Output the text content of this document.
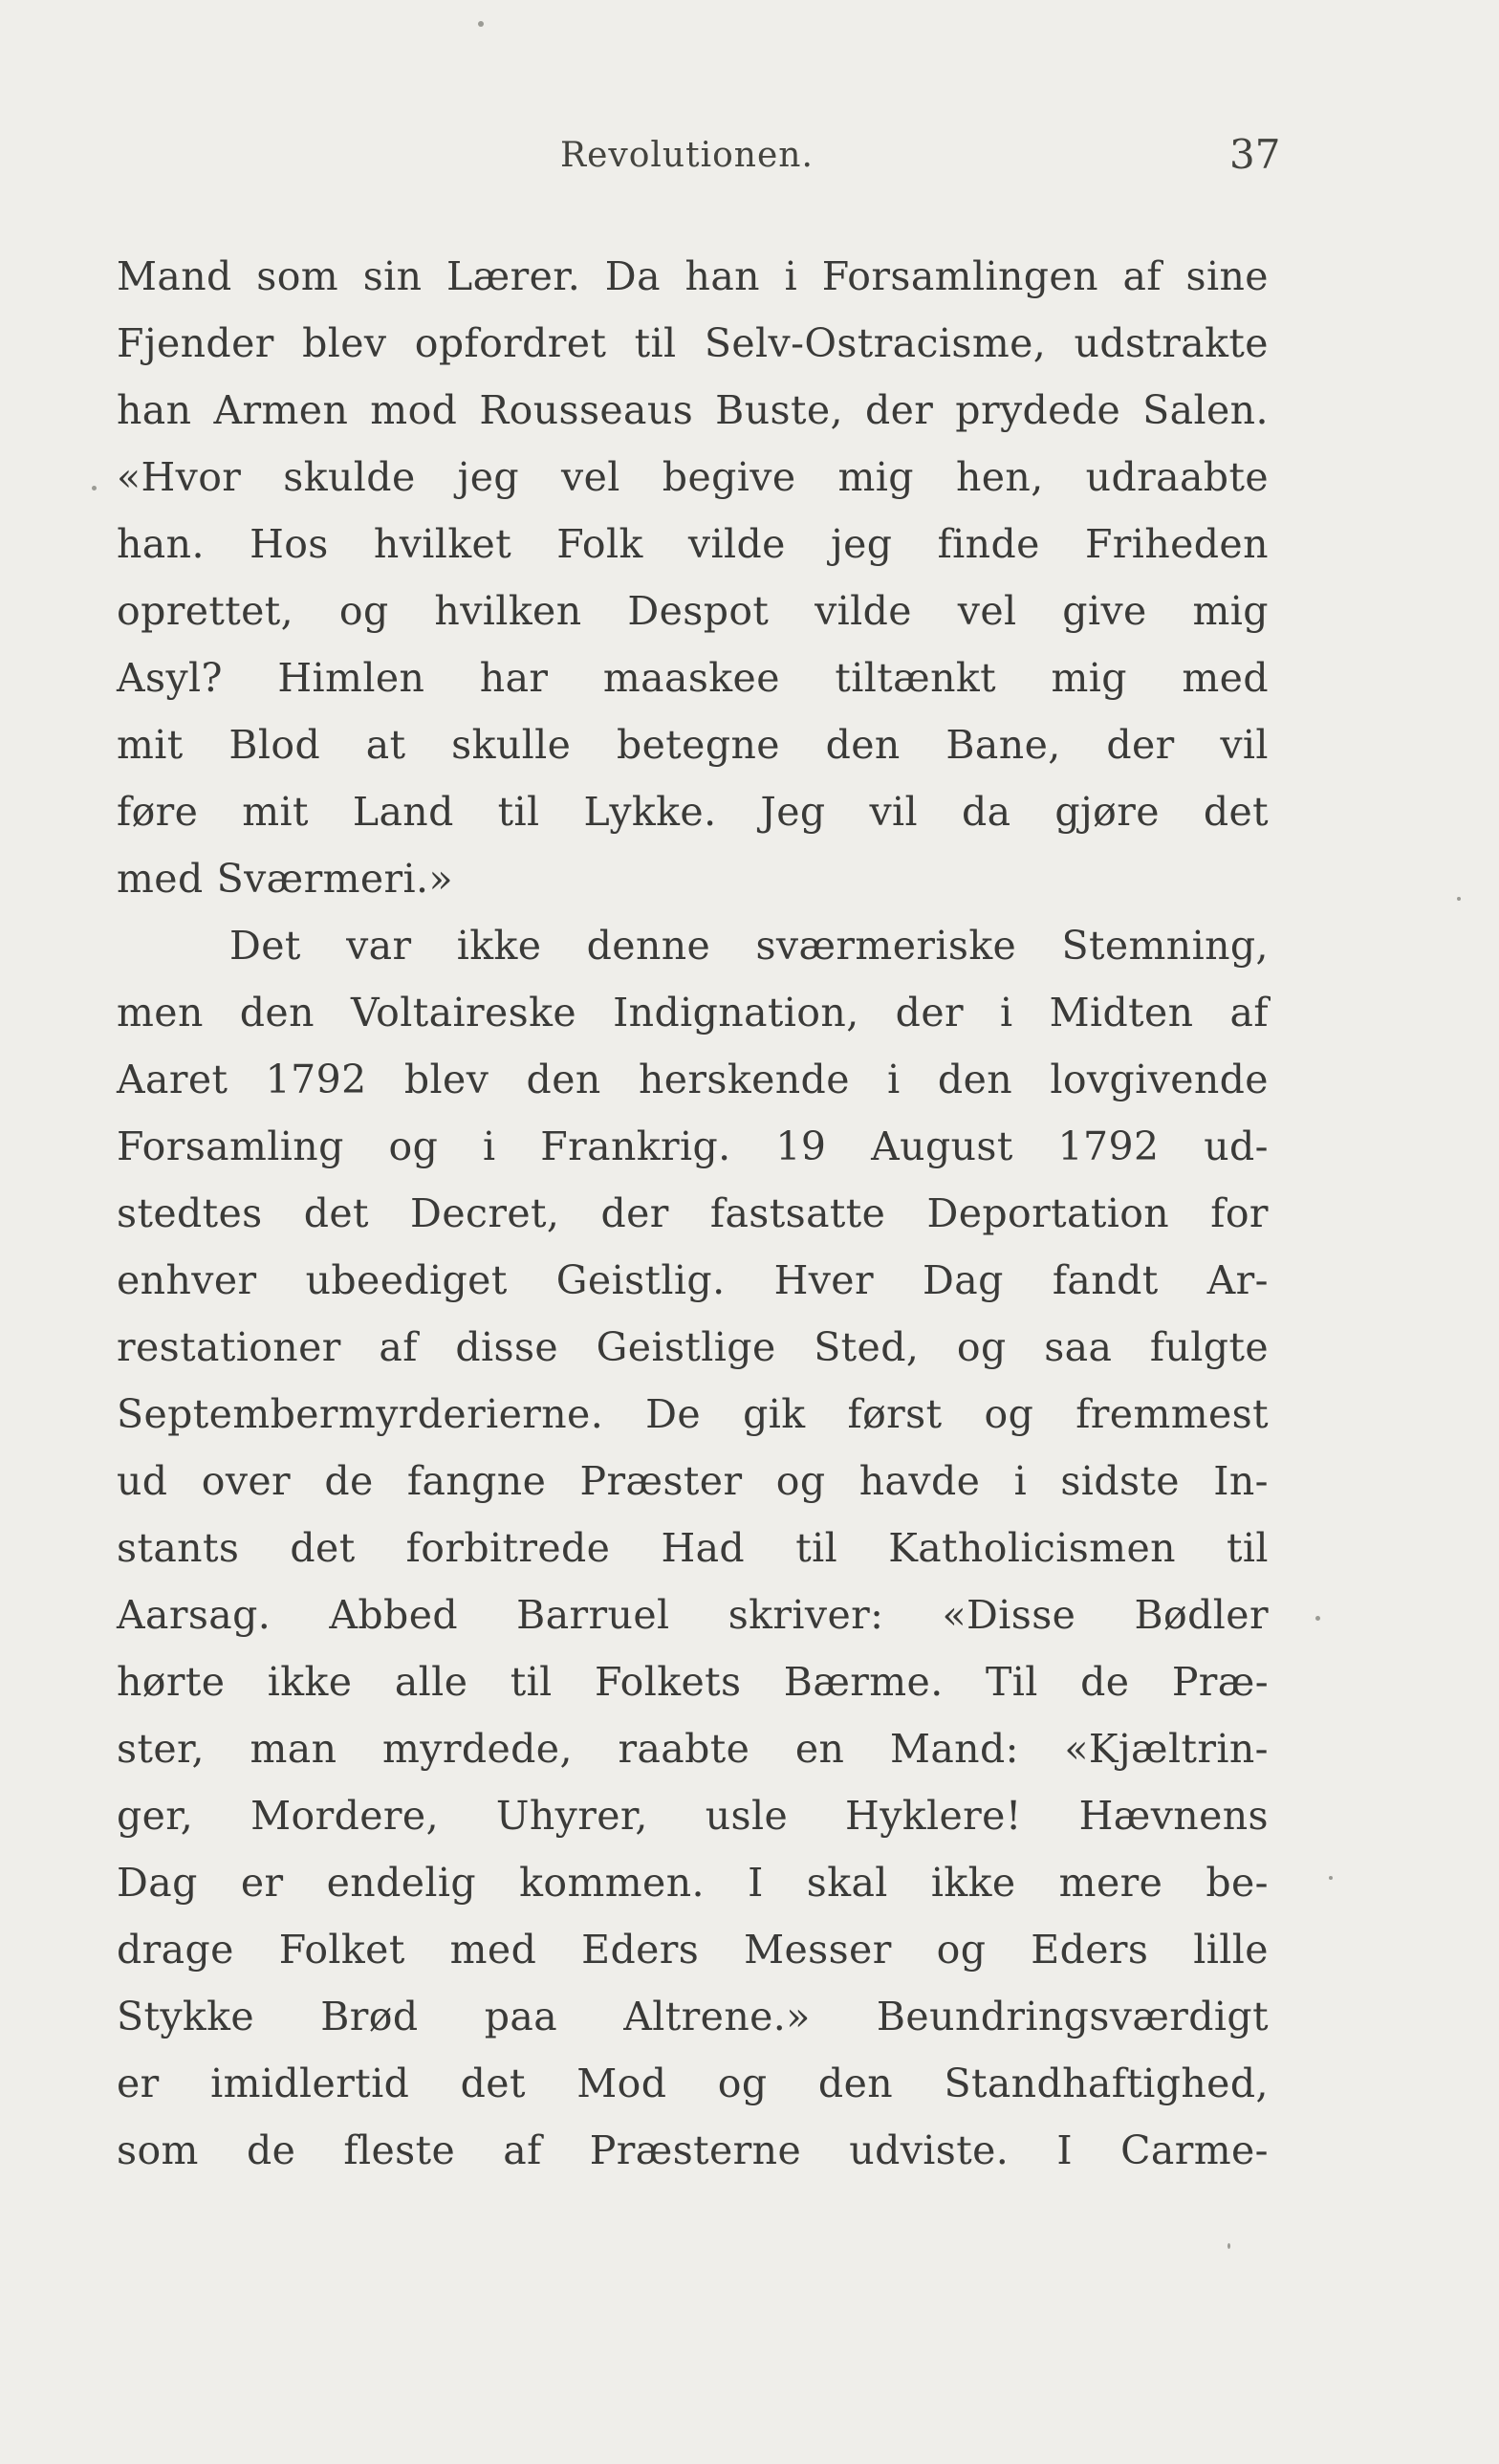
Revolutionen.	37
Mand som sin Lærer. Da han i Forsamlingen af sine
Fjender blev opfordret til Selv-Ostracisme, udstrakte
han Armen mod Rousseaus Buste, der prydede Salen.
«Hvor skulde jeg vel begive mig hen, udraabte
han. Hos hvilket Folk vilde jeg finde Friheden
oprettet, og hvilken Despot vilde vel give mig
Asyl? Himlen har maaskee tiltænkt mig med
mit Blod at skulle betegne den Bane, der vil
føre mit Land til Lykke. Jeg vil da gjøre det
med Sværmeri.»
Det var ikke denne sværmeriske Stemning,
men den Voltaireske Indignation, der i Midten af
Aaret 1792 blev den herskende i den lovgivende
Forsamling og i Frankrig. 19 August 1792 ud-
stedtes det Decret, der fastsatte Deportation for
enhver ubeediget Geistlig. Hver Dag fandt Ar-
restationer af disse Geistlige Sted, og saa fulgte
Septembermyrderierne. De gik først og fremmest
ud over de fangne Præster og havde i sidste In-
stants det forbitrede Had til Katholicismen til
Aarsag. Abbed Barruel skriver: «Disse Bødler
hørte ikke alle til Folkets Bærme. Til de Præ-
ster, man myrdede, raabte en Mand: «Kjæltrin-
ger, Mordere, Uhyrer, usle Hyklere! Hævnens
Dag er endelig kommen. I skal ikke mere be-
drage Folket med Eders Messer og Eders lille
Stykke Brød paa Altrene.» Beundringsværdigt
er imidlertid det Mod og den Standhaftighed,
som de fleste af Præsterne udviste. I Carme-
